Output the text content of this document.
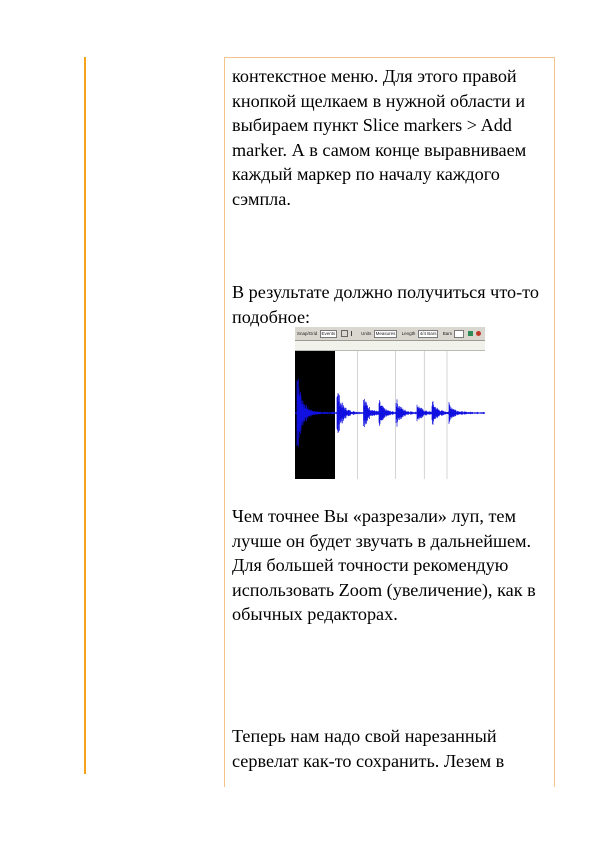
контекстное меню. Для этого правой кнопкой щелкаем в нужной области и выбираем пункт Slice markers > Add marker. А в самом конце выравниваем каждый маркер по началу каждого сэмпла.

В результате должно получиться что-то подобное:

Snap/Grid Events	Units Measures Length 4/4 Bars Bars

Чем точнее Вы «разрезали» луп, тем лучше он будет звучать в дальнейшем. Для большей точности рекомендую использовать Zoom (увеличение), как в обычных редакторах.

Теперь нам надо свой нарезанный сервелат как-то сохранить. Лезем в
